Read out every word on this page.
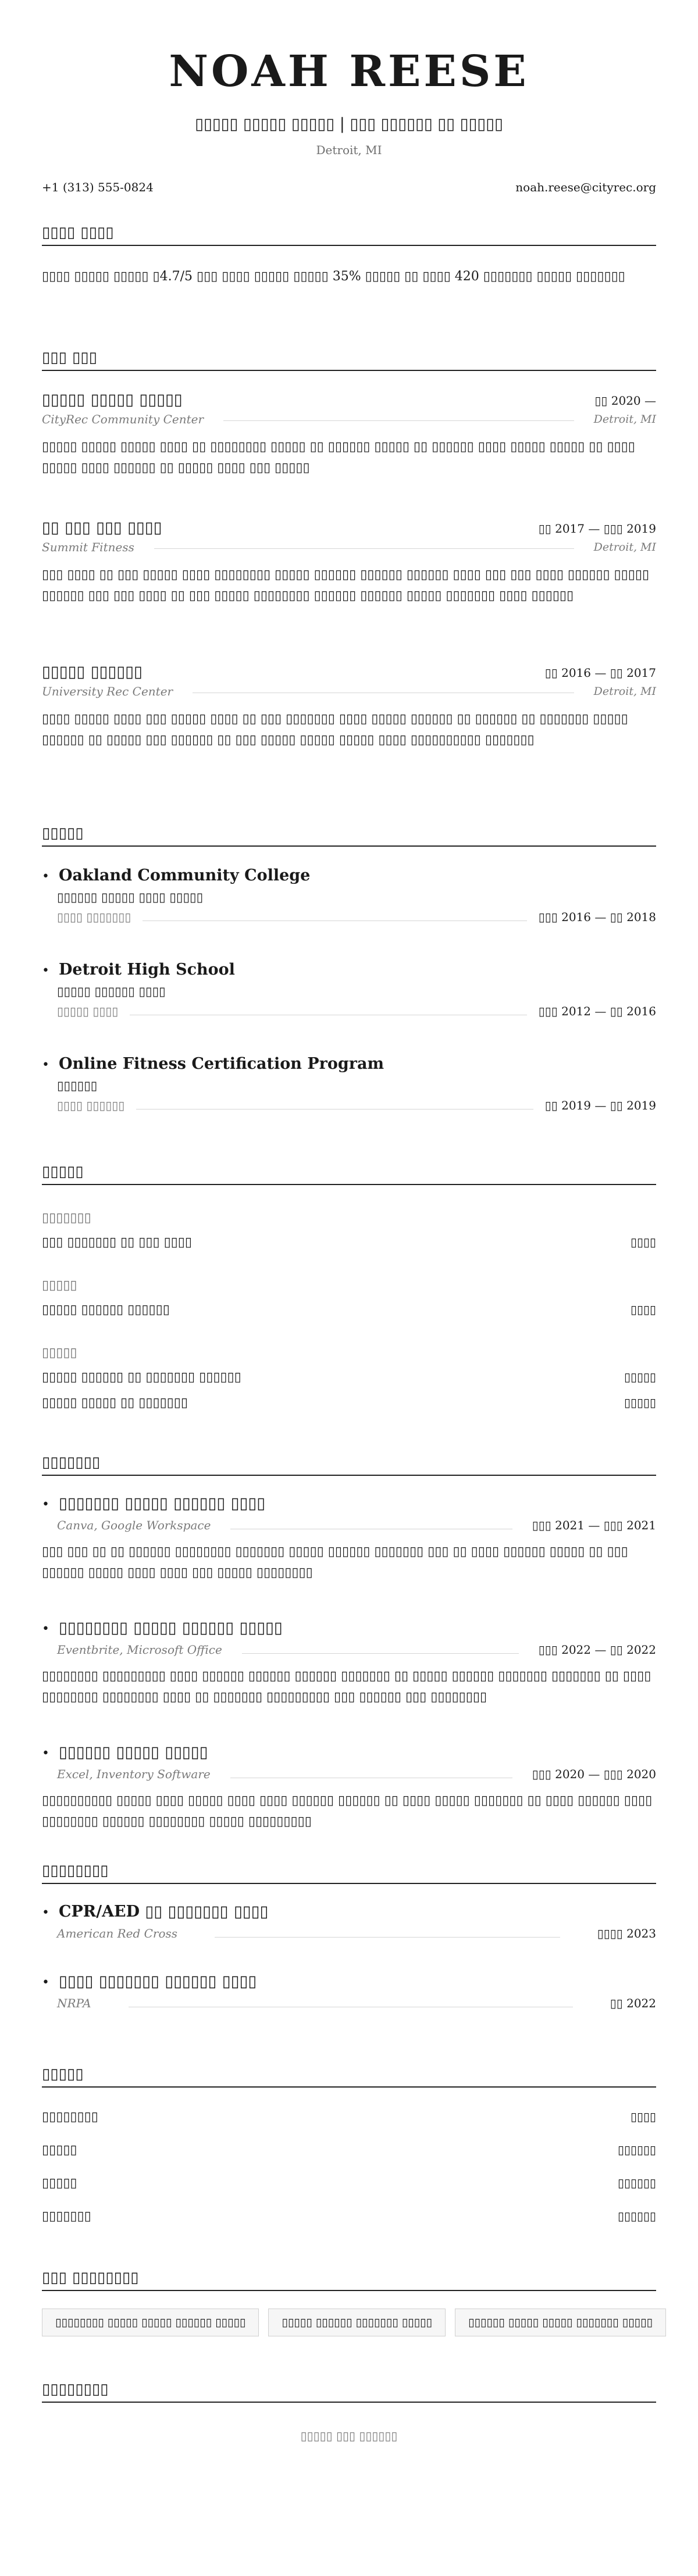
NOAH REESE
▯▯▯▯▯ ▯▯▯▯▯ ▯▯▯▯▯ | ▯▯▯ ▯▯▯▯▯▯ ▯▯ ▯▯▯▯▯
Detroit, MI
+1 (313) 555-0824	noah.reese@cityrec.org
▯▯▯▯ ▯▯▯▯
▯▯▯▯ ▯▯▯▯▯ ▯▯▯▯▯ ▯4.7/5 ▯▯▯ ▯▯▯▯ ▯▯▯▯▯ ▯▯▯▯▯ 35% ▯▯▯▯▯ ▯▯ ▯▯▯▯ 420 ▯▯▯▯▯▯▯ ▯▯▯▯▯ ▯▯▯▯▯▯▯
▯▯▯ ▯▯▯
▯▯▯▯▯ ▯▯▯▯▯ ▯▯▯▯▯	▯▯ 2020 —
CityRec Community Center	Detroit, MI
▯▯▯▯▯ ▯▯▯▯▯ ▯▯▯▯▯ ▯▯▯▯ ▯▯ ▯▯▯▯▯▯▯▯ ▯▯▯▯▯ ▯▯ ▯▯▯▯▯▯ ▯▯▯▯▯ ▯▯ ▯▯▯▯▯▯ ▯▯▯▯ ▯▯▯▯▯ ▯▯▯▯▯ ▯▯ ▯▯▯▯ ▯▯▯▯▯ ▯▯▯▯ ▯▯▯▯▯▯ ▯▯ ▯▯▯▯▯ ▯▯▯▯ ▯▯▯ ▯▯▯▯▯
▯▯ ▯▯▯ ▯▯▯ ▯▯▯▯	▯▯ 2017 — ▯▯▯ 2019
Summit Fitness	Detroit, MI
▯▯▯ ▯▯▯▯ ▯▯ ▯▯▯ ▯▯▯▯▯ ▯▯▯▯ ▯▯▯▯▯▯▯▯ ▯▯▯▯▯ ▯▯▯▯▯▯ ▯▯▯▯▯▯ ▯▯▯▯▯▯ ▯▯▯▯ ▯▯▯ ▯▯▯ ▯▯▯▯ ▯▯▯▯▯▯ ▯▯▯▯▯ ▯▯▯▯▯▯ ▯▯▯ ▯▯▯ ▯▯▯▯ ▯▯ ▯▯▯ ▯▯▯▯▯ ▯▯▯▯▯▯▯▯ ▯▯▯▯▯▯ ▯▯▯▯▯▯ ▯▯▯▯▯ ▯▯▯▯▯▯▯ ▯▯▯▯ ▯▯▯▯▯▯
▯▯▯▯▯ ▯▯▯▯▯▯	▯▯ 2016 — ▯▯ 2017
University Rec Center	Detroit, MI
▯▯▯▯ ▯▯▯▯▯ ▯▯▯▯ ▯▯▯ ▯▯▯▯▯ ▯▯▯▯ ▯▯ ▯▯▯ ▯▯▯▯▯▯▯ ▯▯▯▯ ▯▯▯▯▯ ▯▯▯▯▯▯ ▯▯ ▯▯▯▯▯▯ ▯▯ ▯▯▯▯▯▯▯ ▯▯▯▯▯ ▯▯▯▯▯▯ ▯▯ ▯▯▯▯▯ ▯▯▯ ▯▯▯▯▯▯ ▯▯ ▯▯▯ ▯▯▯▯▯ ▯▯▯▯▯ ▯▯▯▯▯ ▯▯▯▯ ▯▯▯▯▯▯▯▯▯▯ ▯▯▯▯▯▯▯
▯▯▯▯▯
• Oakland Community College
▯▯▯▯▯▯ ▯▯▯▯▯ ▯▯▯▯ ▯▯▯▯▯
▯▯▯▯ ▯▯▯▯▯▯▯	▯▯▯ 2016 — ▯▯ 2018
• Detroit High School
▯▯▯▯▯ ▯▯▯▯▯▯ ▯▯▯▯
▯▯▯▯▯ ▯▯▯▯	▯▯▯ 2012 — ▯▯ 2016
• Online Fitness Certification Program
▯▯▯▯▯▯
▯▯▯▯ ▯▯▯▯▯▯	▯▯ 2019 — ▯▯ 2019
▯▯▯▯▯
▯▯▯▯▯▯▯
▯▯▯ ▯▯▯▯▯▯▯ ▯▯ ▯▯▯ ▯▯▯▯	▯▯▯▯
▯▯▯▯▯
▯▯▯▯▯ ▯▯▯▯▯▯ ▯▯▯▯▯▯	▯▯▯▯
▯▯▯▯▯
▯▯▯▯▯ ▯▯▯▯▯▯ ▯▯ ▯▯▯▯▯▯▯ ▯▯▯▯▯▯	▯▯▯▯▯
▯▯▯▯▯ ▯▯▯▯▯ ▯▯ ▯▯▯▯▯▯▯	▯▯▯▯▯
▯▯▯▯▯▯▯
• ▯▯▯▯▯▯▯ ▯▯▯▯▯ ▯▯▯▯▯▯ ▯▯▯▯
Canva, Google Workspace	▯▯▯ 2021 — ▯▯▯ 2021
▯▯▯ ▯▯▯ ▯▯ ▯▯ ▯▯▯▯▯▯ ▯▯▯▯▯▯▯▯ ▯▯▯▯▯▯▯ ▯▯▯▯▯ ▯▯▯▯▯▯ ▯▯▯▯▯▯▯ ▯▯▯ ▯▯ ▯▯▯▯ ▯▯▯▯▯▯ ▯▯▯▯▯ ▯▯ ▯▯▯ ▯▯▯▯▯▯ ▯▯▯▯▯ ▯▯▯▯ ▯▯▯▯ ▯▯▯ ▯▯▯▯▯ ▯▯▯▯▯▯▯▯
• ▯▯▯▯▯▯▯▯ ▯▯▯▯▯ ▯▯▯▯▯▯ ▯▯▯▯▯
Eventbrite, Microsoft Office	▯▯▯ 2022 — ▯▯ 2022
▯▯▯▯▯▯▯▯ ▯▯▯▯▯▯▯▯▯ ▯▯▯▯ ▯▯▯▯▯▯ ▯▯▯▯▯▯ ▯▯▯▯▯▯ ▯▯▯▯▯▯▯ ▯▯ ▯▯▯▯▯ ▯▯▯▯▯▯ ▯▯▯▯▯▯▯ ▯▯▯▯▯▯▯ ▯▯ ▯▯▯▯ ▯▯▯▯▯▯▯▯ ▯▯▯▯▯▯▯▯ ▯▯▯▯ ▯▯ ▯▯▯▯▯▯▯ ▯▯▯▯▯▯▯▯▯ ▯▯▯ ▯▯▯▯▯▯ ▯▯▯ ▯▯▯▯▯▯▯▯
• ▯▯▯▯▯▯ ▯▯▯▯▯ ▯▯▯▯▯
Excel, Inventory Software	▯▯▯ 2020 — ▯▯▯ 2020
▯▯▯▯▯▯▯▯▯▯ ▯▯▯▯▯ ▯▯▯▯ ▯▯▯▯▯ ▯▯▯▯ ▯▯▯▯ ▯▯▯▯▯▯ ▯▯▯▯▯▯ ▯▯ ▯▯▯▯ ▯▯▯▯▯ ▯▯▯▯▯▯▯ ▯▯ ▯▯▯▯ ▯▯▯▯▯▯ ▯▯▯▯ ▯▯▯▯▯▯▯▯ ▯▯▯▯▯▯ ▯▯▯▯▯▯▯▯ ▯▯▯▯▯ ▯▯▯▯▯▯▯▯▯
▯▯▯▯▯▯▯▯
• CPR/AED ▯▯ ▯▯▯▯▯▯▯ ▯▯▯▯
American Red Cross	▯▯▯▯ 2023
• ▯▯▯▯ ▯▯▯▯▯▯▯ ▯▯▯▯▯▯ ▯▯▯▯
NRPA	▯▯ 2022
▯▯▯▯▯
▯▯▯▯▯▯▯▯	▯▯▯▯
▯▯▯▯▯	▯▯▯▯▯▯
▯▯▯▯▯	▯▯▯▯▯▯
▯▯▯▯▯▯▯	▯▯▯▯▯▯
▯▯▯ ▯▯▯▯▯▯▯▯
▯▯▯▯▯▯▯▯ ▯▯▯▯▯ ▯▯▯▯▯ ▯▯▯▯▯▯ ▯▯▯▯▯	▯▯▯▯▯ ▯▯▯▯▯▯ ▯▯▯▯▯▯▯ ▯▯▯▯▯	▯▯▯▯▯▯ ▯▯▯▯▯ ▯▯▯▯▯ ▯▯▯▯▯▯▯ ▯▯▯▯▯
▯▯▯▯▯▯▯▯
▯▯▯▯▯ ▯▯▯ ▯▯▯▯▯▯
